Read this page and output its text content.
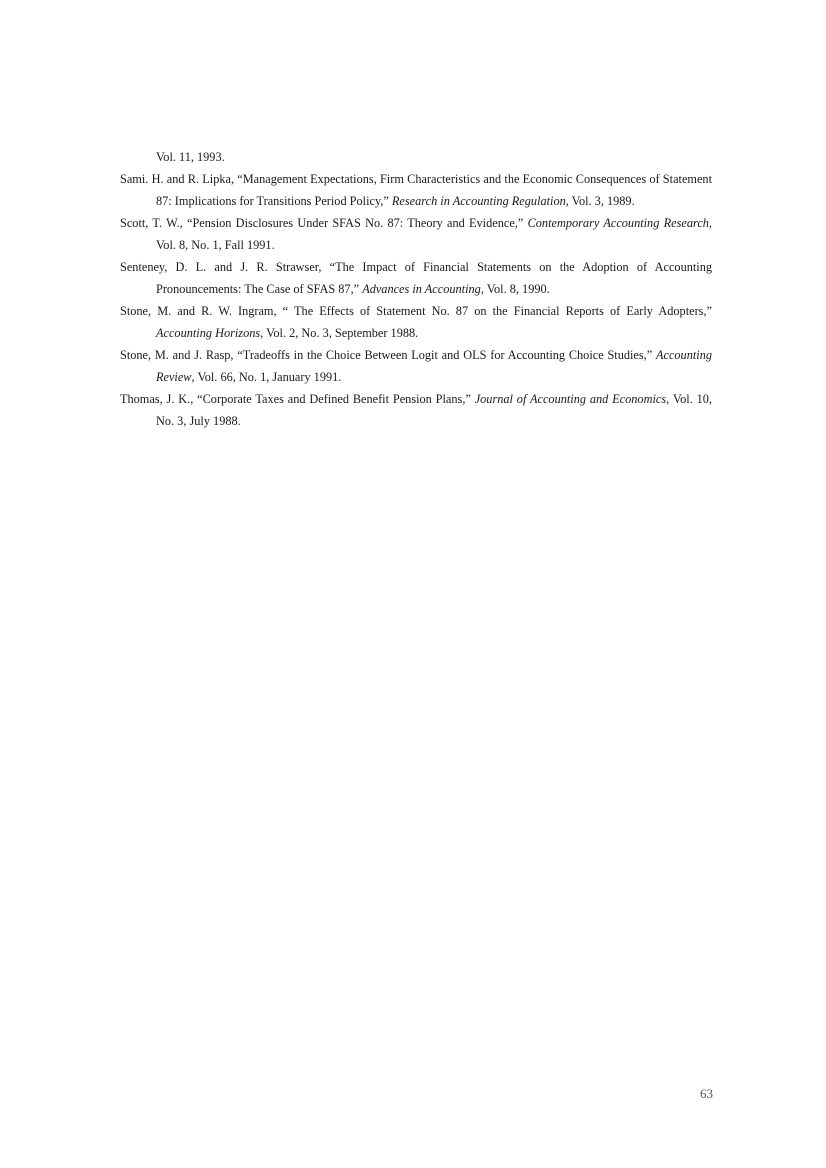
Vol. 11, 1993.

Sami. H. and R. Lipka, “Management Expectations, Firm Characteristics and the Economic Consequences of Statement 87: Implications for Transitions Period Policy,” Research in Accounting Regulation, Vol. 3, 1989.

Scott, T. W., “Pension Disclosures Under SFAS No. 87: Theory and Evidence,” Contemporary Accounting Research, Vol. 8, No. 1, Fall 1991.

Senteney, D. L. and J. R. Strawser, “The Impact of Financial Statements on the Adoption of Accounting Pronouncements: The Case of SFAS 87,” Advances in Accounting, Vol. 8, 1990.

Stone, M. and R. W. Ingram, “ The Effects of Statement No. 87 on the Financial Reports of Early Adopters,” Accounting Horizons, Vol. 2, No. 3, September 1988.

Stone, M. and J. Rasp, “Tradeoffs in the Choice Between Logit and OLS for Accounting Choice Studies,” Accounting Review, Vol. 66, No. 1, January 1991.

Thomas, J. K., “Corporate Taxes and Defined Benefit Pension Plans,” Journal of Accounting and Economics, Vol. 10, No. 3, July 1988.

63
